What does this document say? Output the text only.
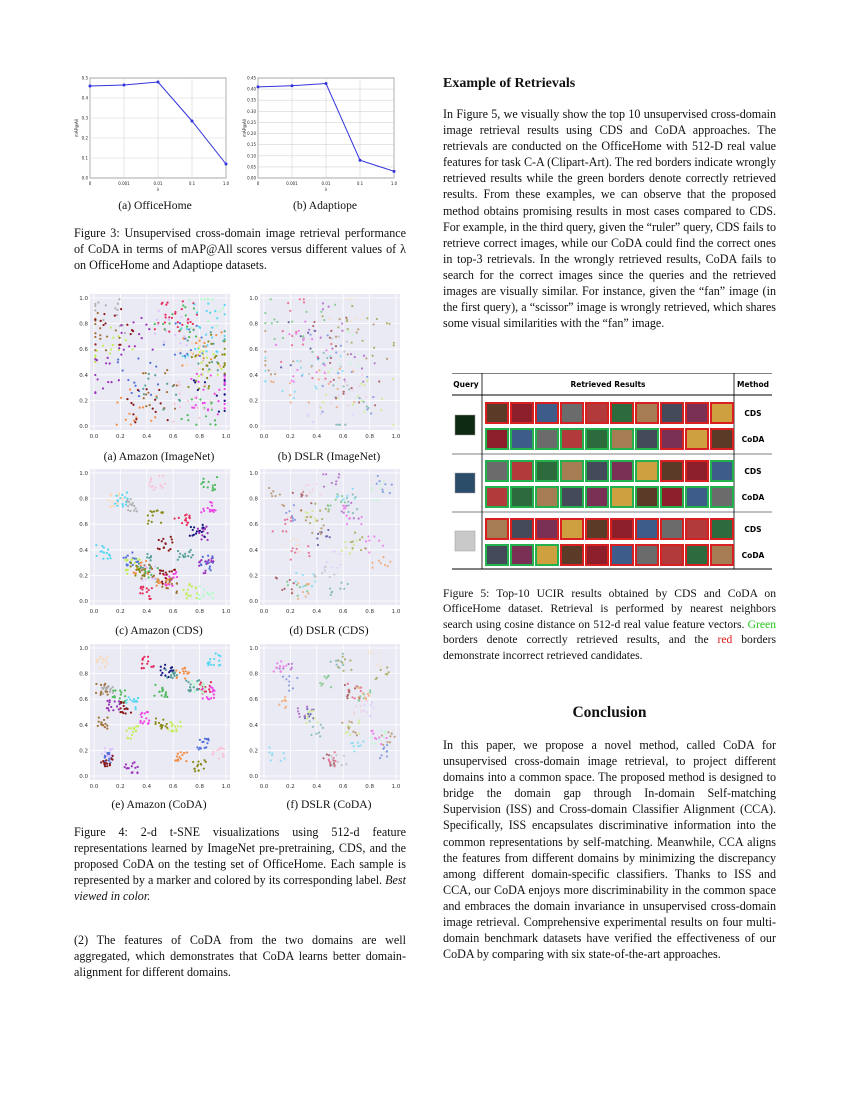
0.0
0.1
0.2
0.3
0.4
0.5
0	0.001	0.01	0.1	1.0
λ
mAP@All
0.00
0.05
0.10
0.15
0.20
0.25
0.30
0.35
0.40
0.45
0	0.001	0.01	0.1	1.0
λ
mAP@All
(a) OfficeHome	(b) Adaptiope
Figure 3: Unsupervised cross-domain image retrieval performance of CoDA in terms of mAP@All scores versus different values of λ on OfficeHome and Adaptiope datasets.
0.0
0.0
0.2
0.2
0.4
0.4
0.6
0.6
0.8
0.8
1.0
1.0
0.0
0.0
0.2
0.2
0.4
0.4
0.6
0.6
0.8
0.8
1.0
1.0
(a) Amazon (ImageNet)	(b) DSLR (ImageNet)
0.0
0.0
0.2
0.2
0.4
0.4
0.6
0.6
0.8
0.8
1.0
1.0
0.0
0.0
0.2
0.2
0.4
0.4
0.6
0.6
0.8
0.8
1.0
1.0
(c) Amazon (CDS)	(d) DSLR (CDS)
0.0
0.0
0.2
0.2
0.4
0.4
0.6
0.6
0.8
0.8
1.0
1.0
0.0
0.0
0.2
0.2
0.4
0.4
0.6
0.6
0.8
0.8
1.0
1.0
(e) Amazon (CoDA)	(f) DSLR (CoDA)
Figure 4: 2-d t-SNE visualizations using 512-d feature representations learned by ImageNet pre-pretraining, CDS, and the proposed CoDA on the testing set of OfficeHome. Each sample is represented by a marker and colored by its corresponding label. Best viewed in color.
(2) The features of CoDA from the two domains are well aggregated, which demonstrates that CoDA learns better domain-alignment for different domains.
Example of Retrievals
In Figure 5, we visually show the top 10 unsupervised cross-domain image retrieval results using CDS and CoDA approaches. The retrievals are conducted on the OfficeHome with 512-D real value features for task C-A (Clipart-Art). The red borders indicate wrongly retrieved results while the green borders denote correctly retrieved results. From these examples, we can observe that the proposed method obtains promising results in most cases compared to CDS. For example, in the third query, given the “ruler” query, CDS fails to retrieve correct images, while our CoDA could find the correct ones in top-3 retrievals. In the wrongly retrieved results, CoDA fails to search for the correct images since the queries and the retrieved images are visually similar. For instance, given the “fan” image (in the first query), a “scissor” image is wrongly retrieved, which shares some visual similarities with the “fan” image.
Query	Retrieved Results	Method
CDS
CoDA
CDS
CoDA
CDS
CoDA
Figure 5: Top-10 UCIR results obtained by CDS and CoDA on OfficeHome dataset. Retrieval is performed by nearest neighbors search using cosine distance on 512-d real value feature vectors. Green borders denote correctly retrieved results, and the red borders demonstrate incorrect retrieved candidates.
Conclusion
In this paper, we propose a novel method, called CoDA for unsupervised cross-domain image retrieval, to project different domains into a common space. The proposed method is designed to bridge the domain gap through In-domain Self-matching Supervision (ISS) and Cross-domain Classifier Alignment (CCA). Specifically, ISS encapsulates discriminative information into the common representations by self-matching. Meanwhile, CCA aligns the features from different domains by minimizing the discrepancy among different domain-specific classifiers. Thanks to ISS and CCA, our CoDA enjoys more discriminability in the common space and embraces the domain invariance in unsupervised cross-domain image retrieval. Comprehensive experimental results on four multi-domain benchmark datasets have verified the effectiveness of our CoDA by comparing with six state-of-the-art approaches.
